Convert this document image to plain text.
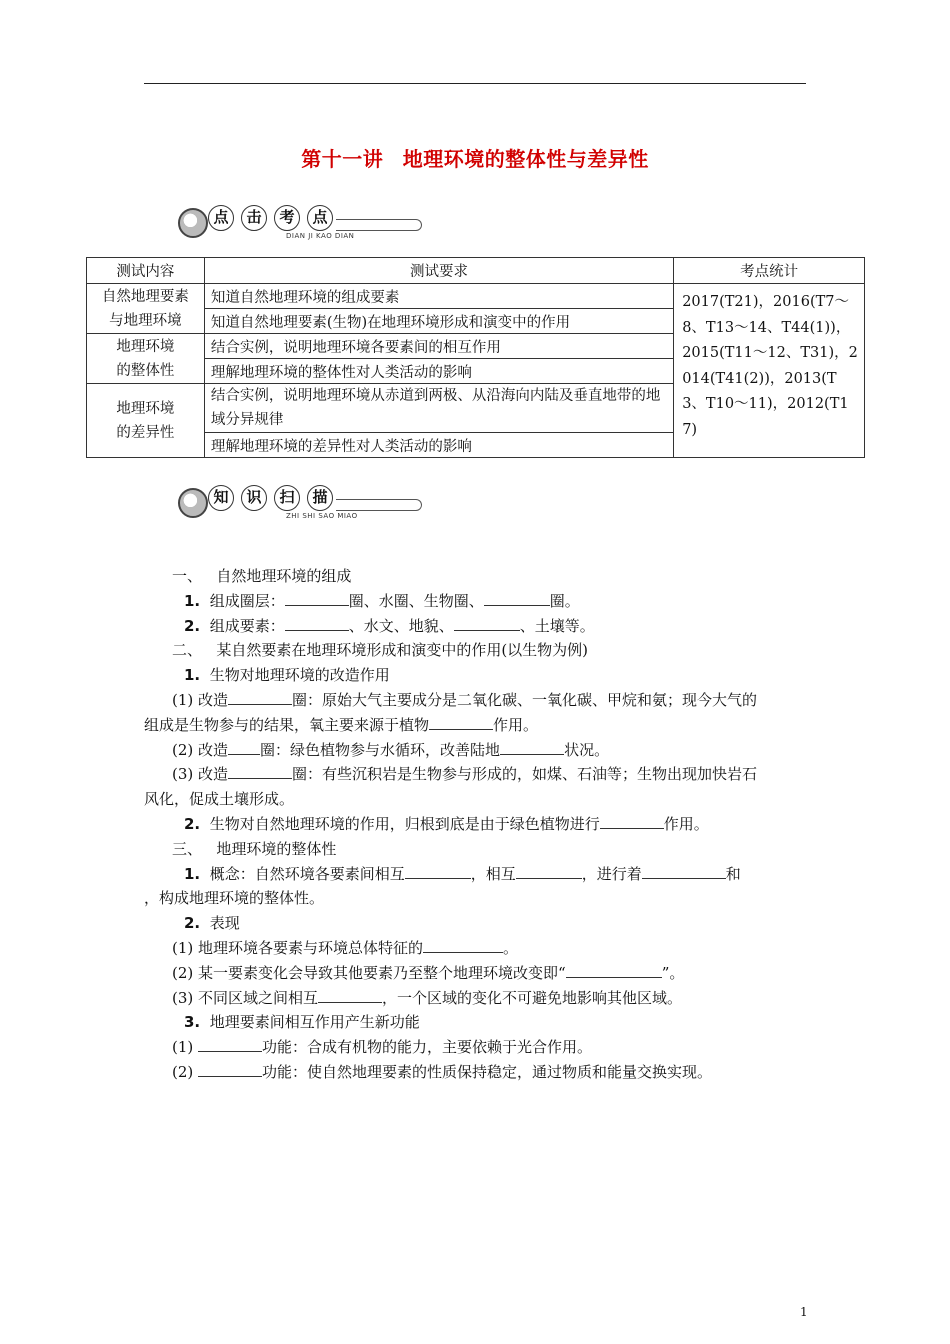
第十一讲 地理环境的整体性与差异性
点	击	考	点
DIAN JI KAO DIAN
测试内容	测试要求	考点统计

自然地理要素
与地理环境	知道自然地理环境的组成要素	2017(T21)，2016(T7～8、T13～14、T44(1))，2015(T11～12、T31)，2014(T41(2))，2013(T3、T10～11)，2012(T17)
	知道自然地理要素(生物)在地理环境形成和演变中的作用	

地理环境
的整体性	结合实例，说明地理环境各要素间的相互作用	
	理解地理环境的整体性对人类活动的影响	

地理环境
的差异性	结合实例，说明地理环境从赤道到两极、从沿海向内陆及垂直地带的地域分异规律	
	理解地理环境的差异性对人类活动的影响	
知	识	扫	描
ZHI SHI SAO MIAO
一、 自然地理环境的组成
1. 组成圈层：	圈、水圈、生物圈、	圈。
2. 组成要素：	、水文、地貌、	、土壤等。
二、 某自然要素在地理环境形成和演变中的作用(以生物为例)
1. 生物对地理环境的改造作用
(1) 改造	圈：原始大气主要成分是二氧化碳、一氧化碳、甲烷和氨；现今大气的
组成是生物参与的结果，氧主要来源于植物	作用。
(2) 改造 圈：绿色植物参与水循环，改善陆地	状况。
(3) 改造	圈：有些沉积岩是生物参与形成的，如煤、石油等；生物出现加快岩石
风化，促成土壤形成。
2. 生物对自然地理环境的作用，归根到底是由于绿色植物进行	作用。
三、 地理环境的整体性
1. 概念：自然环境各要素间相互	，相互	，进行着	和
，构成地理环境的整体性。
2. 表现
(1) 地理环境各要素与环境总体特征的	。
(2) 某一要素变化会导致其他要素乃至整个地理环境改变即“	”。
(3) 不同区域之间相互	，一个区域的变化不可避免地影响其他区域。
3. 地理要素间相互作用产生新功能
(1)	功能：合成有机物的能力，主要依赖于光合作用。
(2)	功能：使自然地理要素的性质保持稳定，通过物质和能量交换实现。
1
